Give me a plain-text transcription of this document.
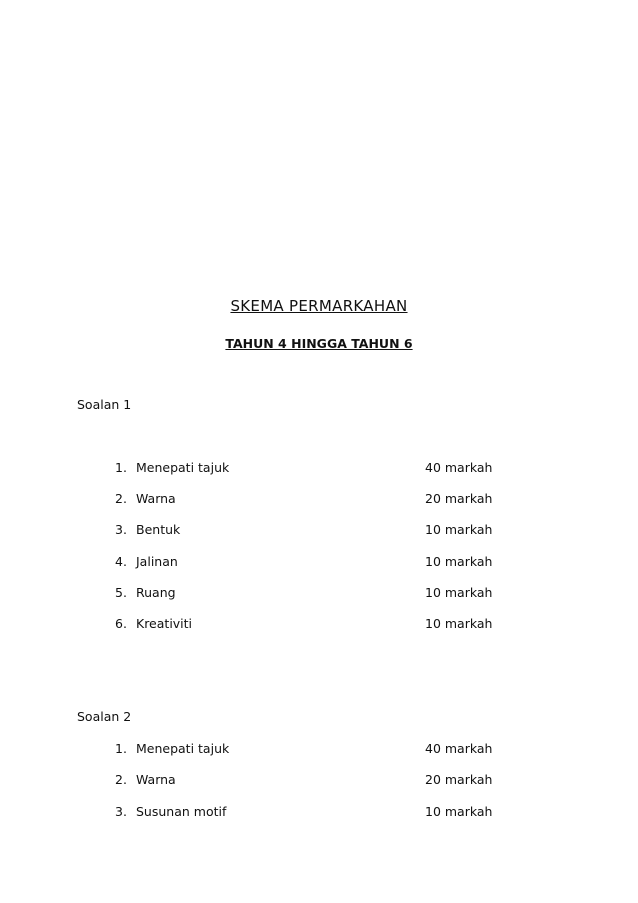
SKEMA PERMARKAHAN
TAHUN 4 HINGGA TAHUN 6

Soalan 1

1. Menepati tajuk	40 markah
2. Warna	20 markah
3. Bentuk	10 markah
4. Jalinan	10 markah
5. Ruang	10 markah
6. Kreativiti	10 markah

Soalan 2

1. Menepati tajuk	40 markah
2. Warna	20 markah
3. Susunan motif	10 markah
